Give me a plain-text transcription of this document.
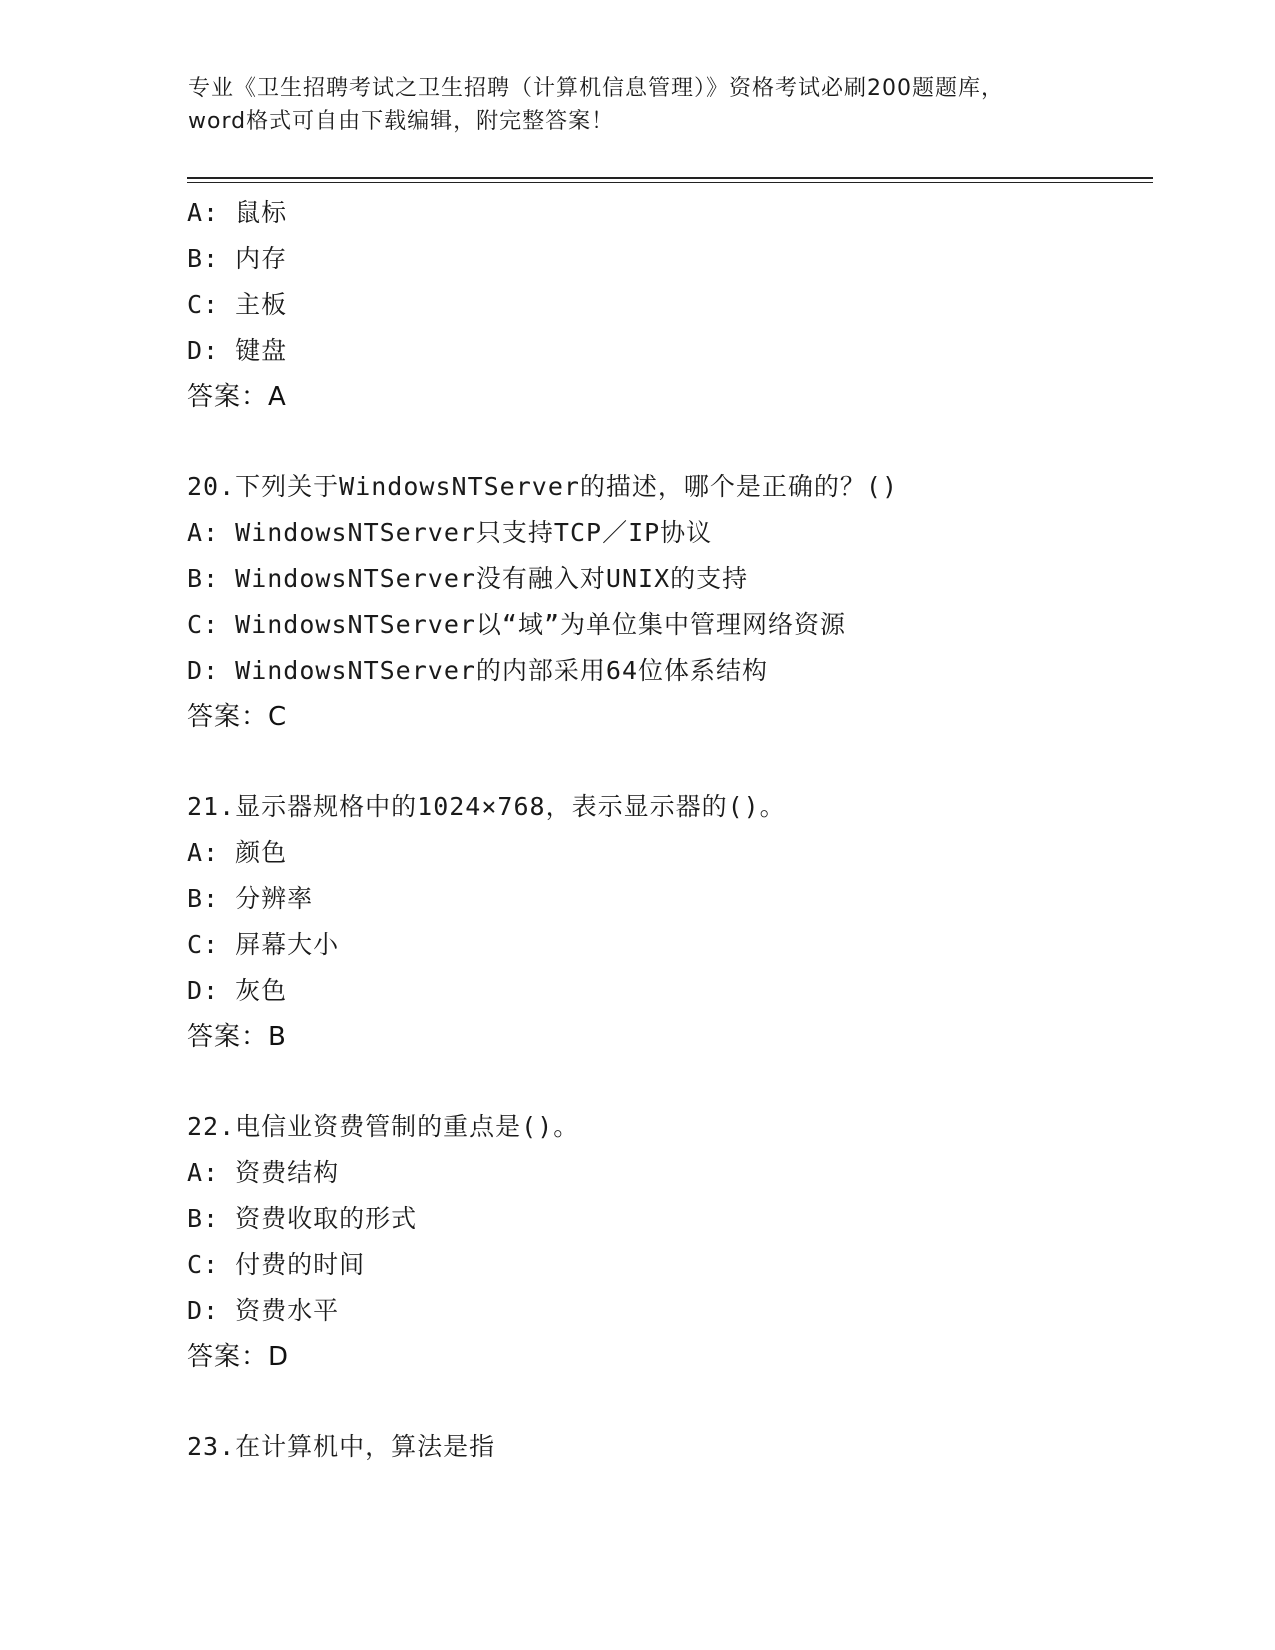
专业《卫生招聘考试之卫生招聘（计算机信息管理）》资格考试必刷200题题库，
word格式可自由下载编辑，附完整答案！
A: 鼠标
B: 内存
C: 主板
D: 键盘
答案：A
20.下列关于WindowsNTServer的描述，哪个是正确的？()
A: WindowsNTServer只支持TCP／IP协议
B: WindowsNTServer没有融入对UNIX的支持
C: WindowsNTServer以“域”为单位集中管理网络资源
D: WindowsNTServer的内部采用64位体系结构
答案：C
21.显示器规格中的1024×768，表示显示器的()。
A: 颜色
B: 分辨率
C: 屏幕大小
D: 灰色
答案：B
22.电信业资费管制的重点是()。
A: 资费结构
B: 资费收取的形式
C: 付费的时间
D: 资费水平
答案：D
23.在计算机中，算法是指
